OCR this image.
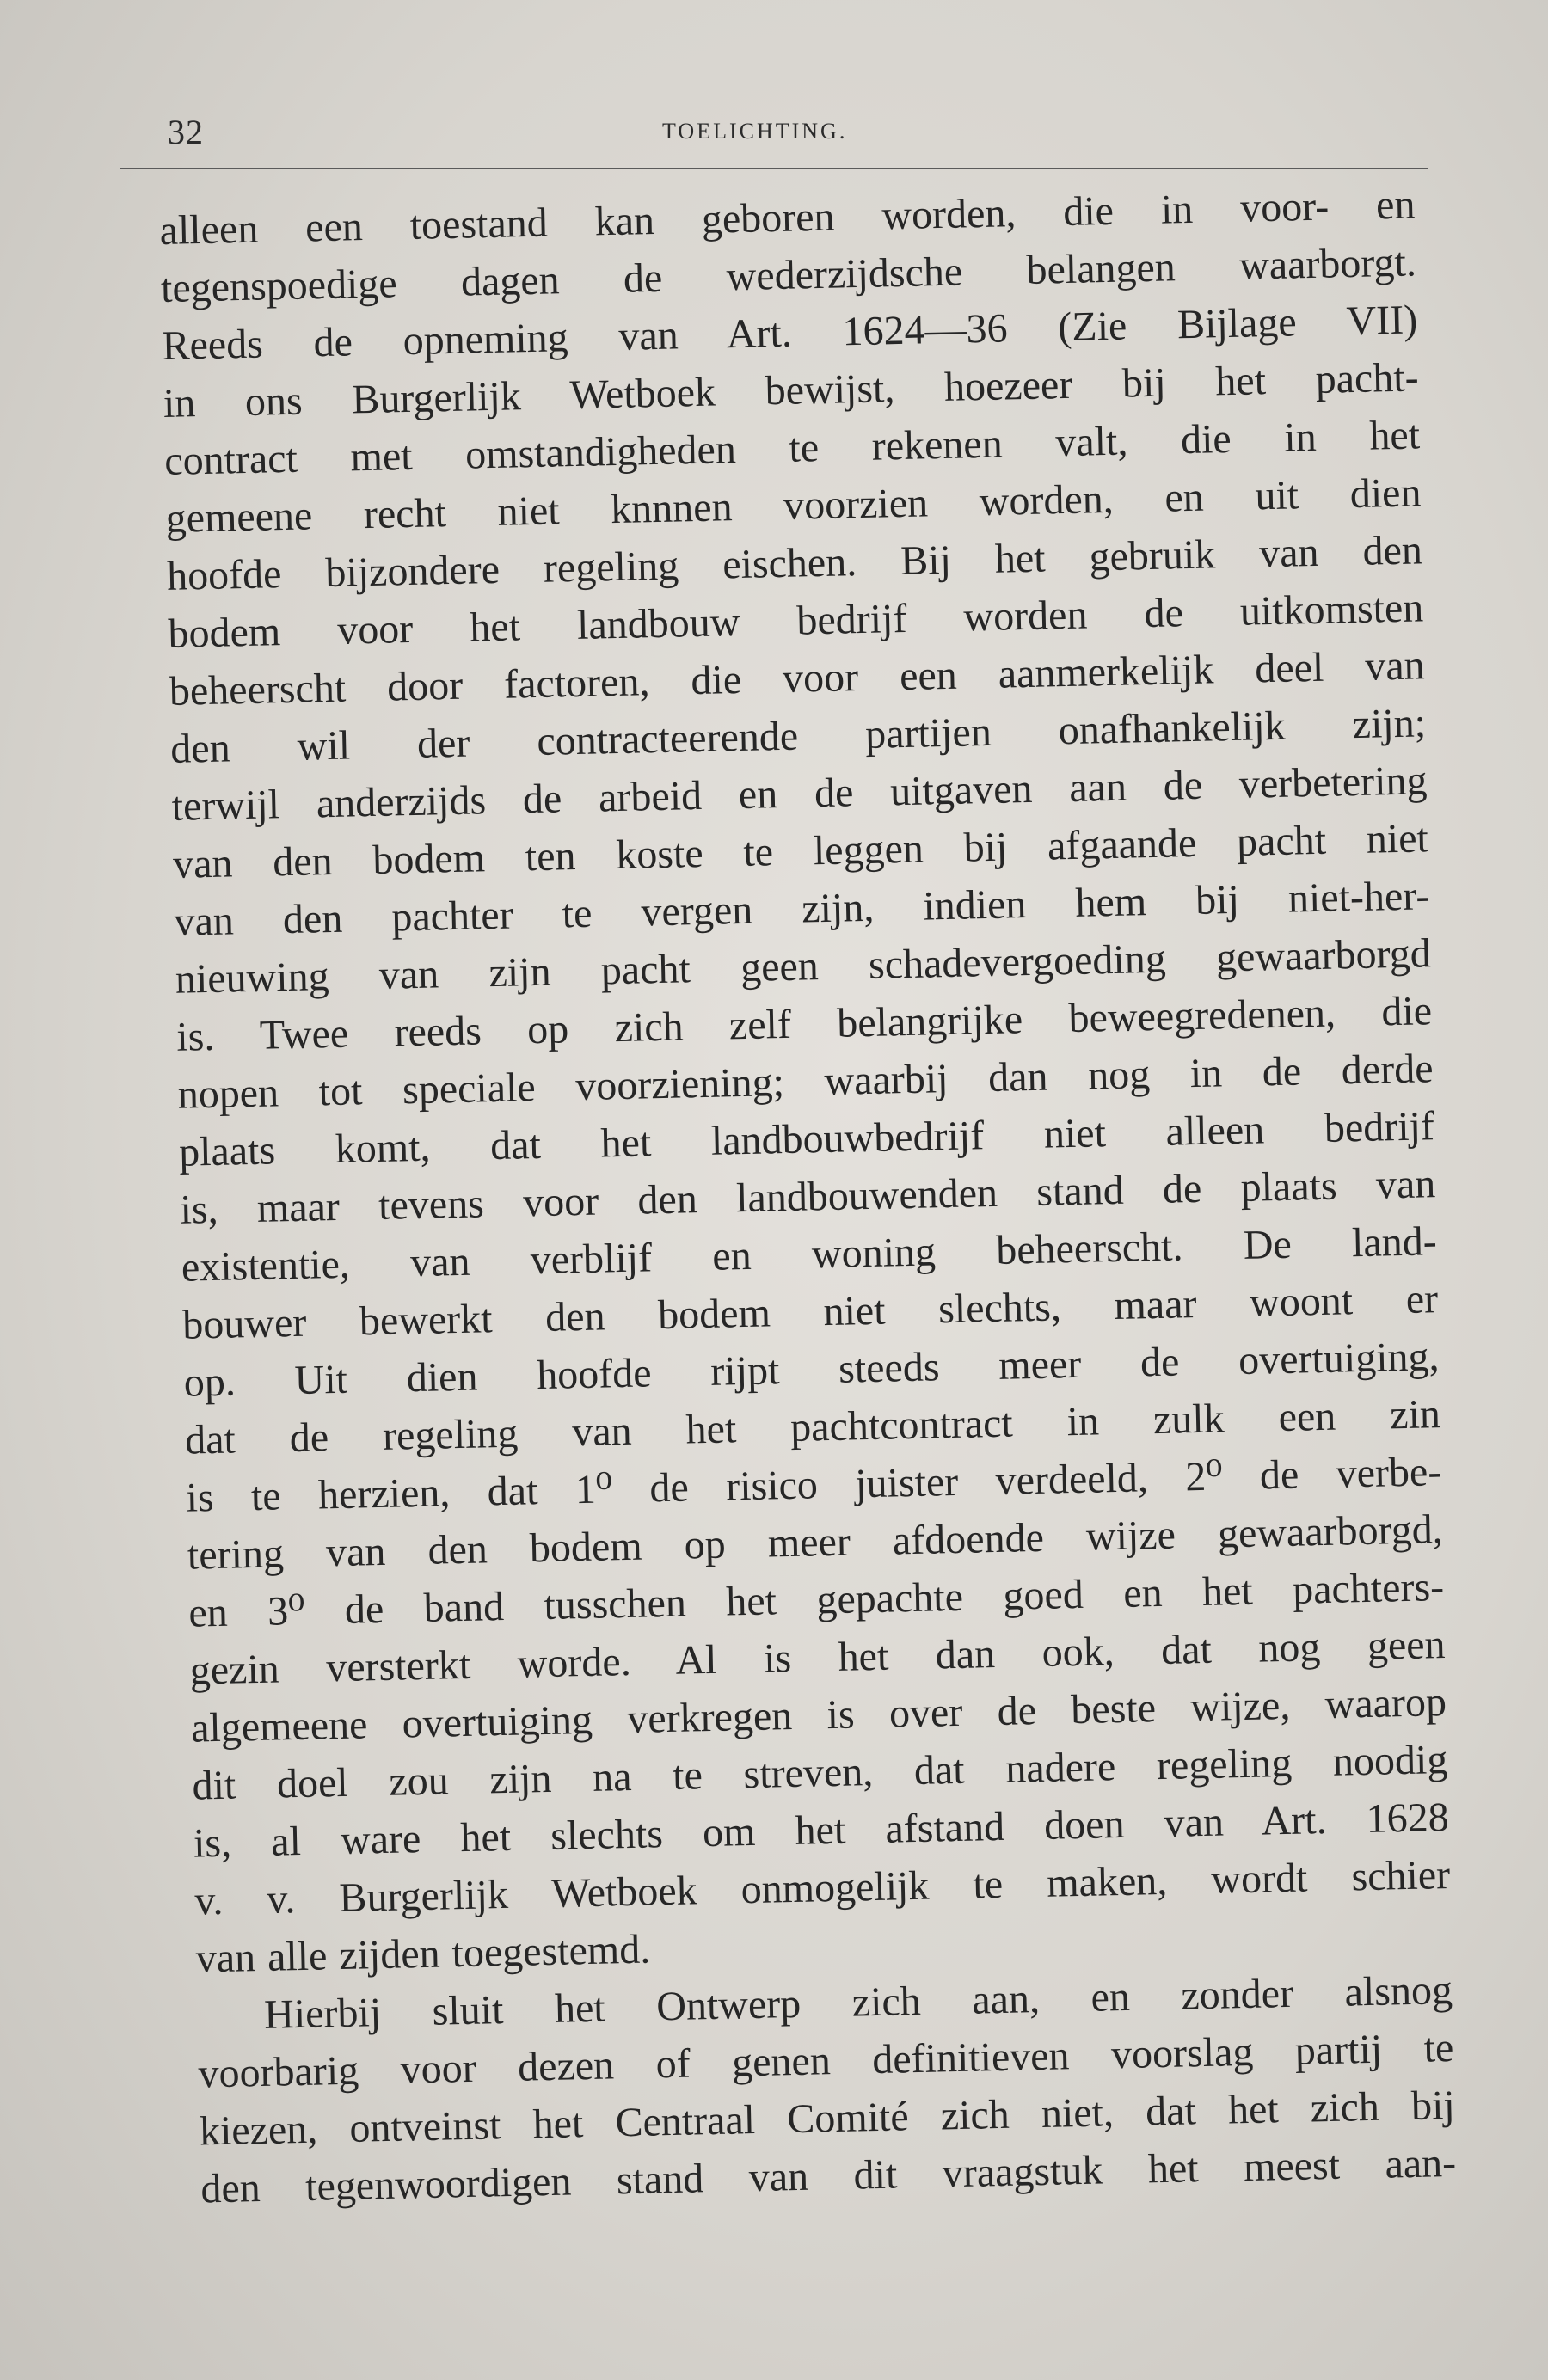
32	TOELICHTING.
alleen een toestand kan geboren worden, die in voor- en
tegenspoedige dagen de wederzijdsche belangen waarborgt.
Reeds de opneming van Art. 1624—36 (Zie Bijlage VII)
in ons Burgerlijk Wetboek bewijst, hoezeer bij het pacht-
contract met omstandigheden te rekenen valt, die in het
gemeene recht niet knnnen voorzien worden, en uit dien
hoofde bijzondere regeling eischen. Bij het gebruik van den
bodem voor het landbouw bedrijf worden de uitkomsten
beheerscht door factoren, die voor een aanmerkelijk deel van
den wil der contracteerende partijen onafhankelijk zijn;
terwijl anderzijds de arbeid en de uitgaven aan de verbetering
van den bodem ten koste te leggen bij afgaande pacht niet
van den pachter te vergen zijn, indien hem bij niet-her-
nieuwing van zijn pacht geen schadevergoeding gewaarborgd
is. Twee reeds op zich zelf belangrijke beweegredenen, die
nopen tot speciale voorziening; waarbij dan nog in de derde
plaats komt, dat het landbouwbedrijf niet alleen bedrijf
is, maar tevens voor den landbouwenden stand de plaats van
existentie, van verblijf en woning beheerscht. De land-
bouwer bewerkt den bodem niet slechts, maar woont er
op. Uit dien hoofde rijpt steeds meer de overtuiging,
dat de regeling van het pachtcontract in zulk een zin
is te herzien, dat 1⁰ de risico juister verdeeld, 2⁰ de verbe-
tering van den bodem op meer afdoende wijze gewaarborgd,
en 3⁰ de band tusschen het gepachte goed en het pachters-
gezin versterkt worde. Al is het dan ook, dat nog geen
algemeene overtuiging verkregen is over de beste wijze, waarop
dit doel zou zijn na te streven, dat nadere regeling noodig
is, al ware het slechts om het afstand doen van Art. 1628
v. v. Burgerlijk Wetboek onmogelijk te maken, wordt schier
van alle zijden toegestemd.
Hierbij sluit het Ontwerp zich aan, en zonder alsnog
voorbarig voor dezen of genen definitieven voorslag partij te
kiezen, ontveinst het Centraal Comité zich niet, dat het zich bij
den tegenwoordigen stand van dit vraagstuk het meest aan-
